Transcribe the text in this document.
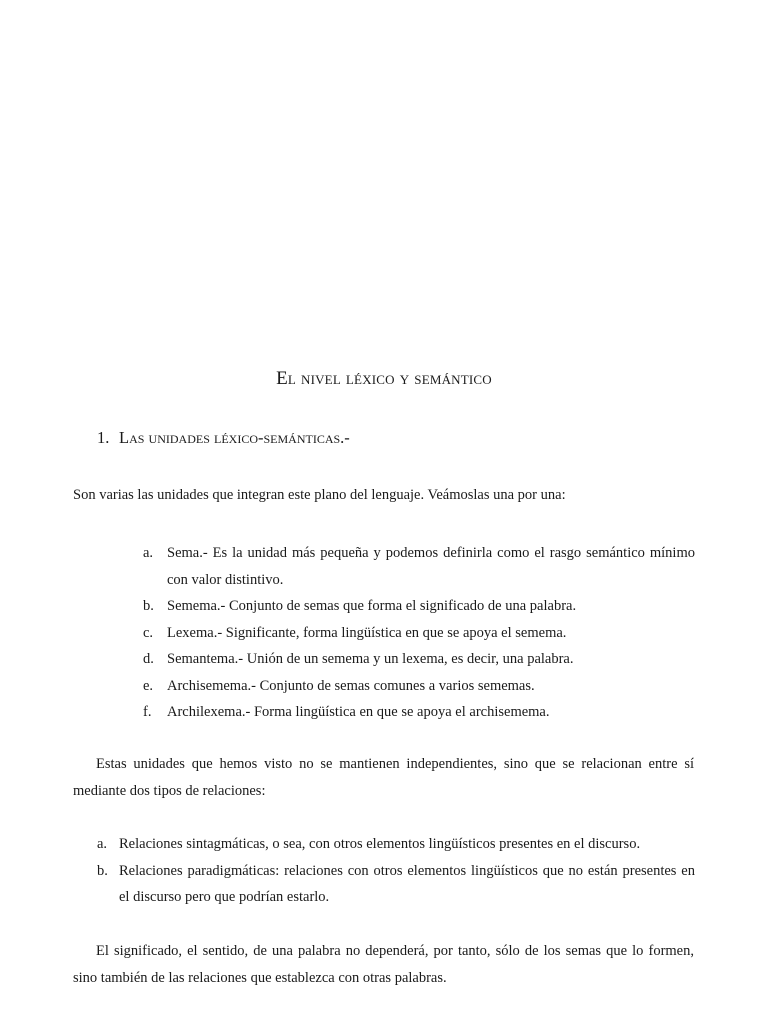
El nivel léxico y semántico
1. Las unidades léxico-semánticas.-
Son varias las unidades que integran este plano del lenguaje. Veámoslas una por una:
a. Sema.- Es la unidad más pequeña y podemos definirla como el rasgo semántico mínimo con valor distintivo.
b. Semema.- Conjunto de semas que forma el significado de una palabra.
c. Lexema.- Significante, forma lingüística en que se apoya el semema.
d. Semantema.- Unión de un semema y un lexema, es decir, una palabra.
e. Archisemema.- Conjunto de semas comunes a varios sememas.
f. Archilexema.- Forma lingüística en que se apoya el archisemema.
Estas unidades que hemos visto no se mantienen independientes, sino que se relacionan entre sí mediante dos tipos de relaciones:
a. Relaciones sintagmáticas, o sea, con otros elementos lingüísticos presentes en el discurso.
b. Relaciones paradigmáticas: relaciones con otros elementos lingüísticos que no están presentes en el discurso pero que podrían estarlo.
El significado, el sentido, de una palabra no dependerá, por tanto, sólo de los semas que lo formen, sino también de las relaciones que establezca con otras palabras.
